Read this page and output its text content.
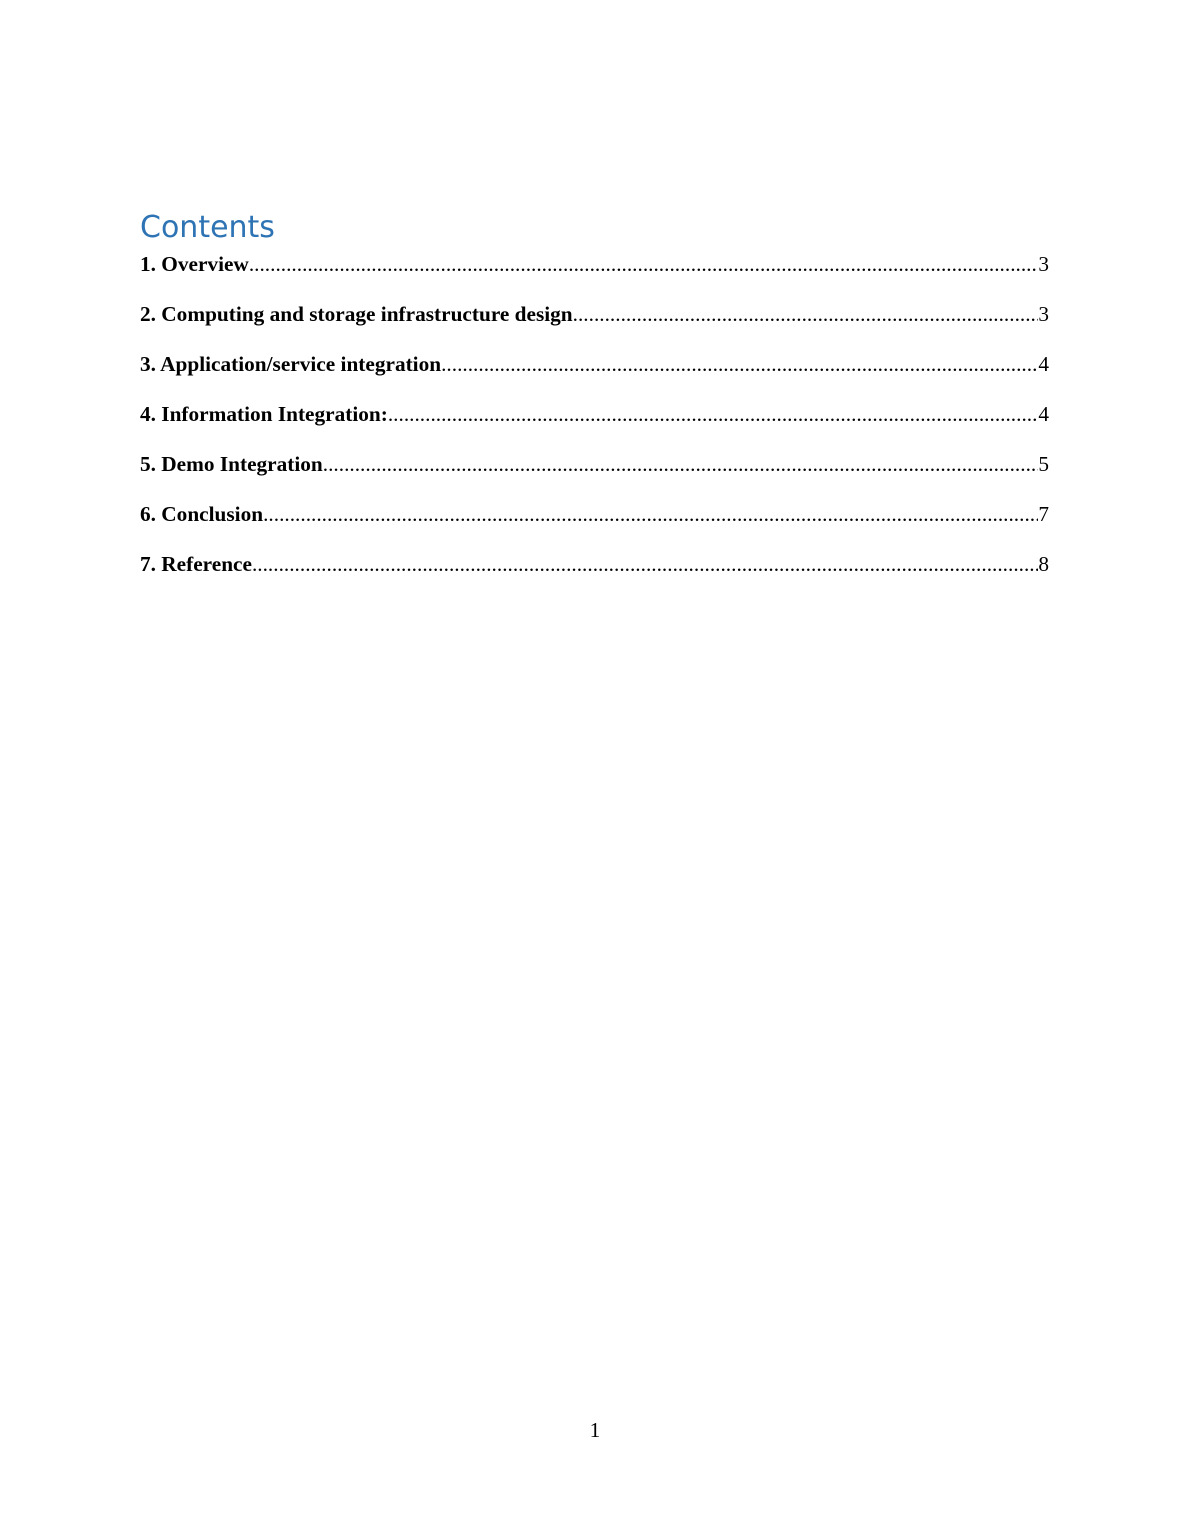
Contents
1. Overview .....	3
2. Computing and storage infrastructure design .....	3
3. Application/service integration .....	4
4. Information Integration: .....	4
5. Demo Integration .....	5
6. Conclusion .....	7
7. Reference .....	8
1
